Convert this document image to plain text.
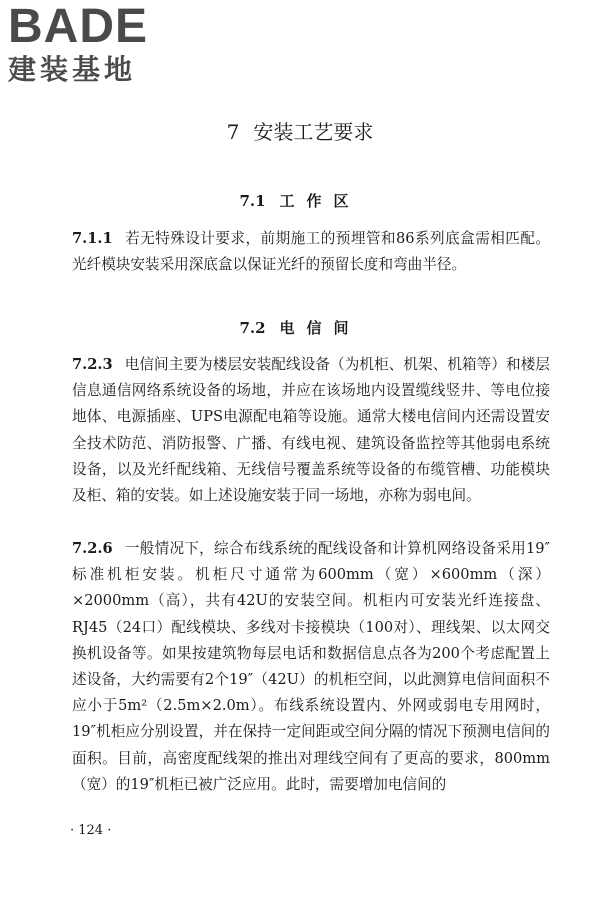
BADE
建装基地
7 安装工艺要求
7.1 工作区
7.1.1 若无特殊设计要求，前期施工的预埋管和86系列底盒需相匹配。光纤模块安装采用深底盒以保证光纤的预留长度和弯曲半径。
7.2 电信间
7.2.3 电信间主要为楼层安装配线设备（为机柜、机架、机箱等）和楼层信息通信网络系统设备的场地，并应在该场地内设置缆线竖井、等电位接地体、电源插座、UPS电源配电箱等设施。通常大楼电信间内还需设置安全技术防范、消防报警、广播、有线电视、建筑设备监控等其他弱电系统设备，以及光纤配线箱、无线信号覆盖系统等设备的布缆管槽、功能模块及柜、箱的安装。如上述设施安装于同一场地，亦称为弱电间。
7.2.6 一般情况下，综合布线系统的配线设备和计算机网络设备采用19″标准机柜安装。机柜尺寸通常为600mm（宽）×600mm（深）×2000mm（高），共有42U的安装空间。机柜内可安装光纤连接盘、RJ45（24口）配线模块、多线对卡接模块（100对）、理线架、以太网交换机设备等。如果按建筑物每层电话和数据信息点各为200个考虑配置上述设备，大约需要有2个19″（42U）的机柜空间，以此测算电信间面积不应小于5m²（2.5m×2.0m）。布线系统设置内、外网或弱电专用网时，19″机柜应分别设置，并在保持一定间距或空间分隔的情况下预测电信间的面积。目前，高密度配线架的推出对理线空间有了更高的要求，800mm（宽）的19″机柜已被广泛应用。此时，需要增加电信间的
· 124 ·
